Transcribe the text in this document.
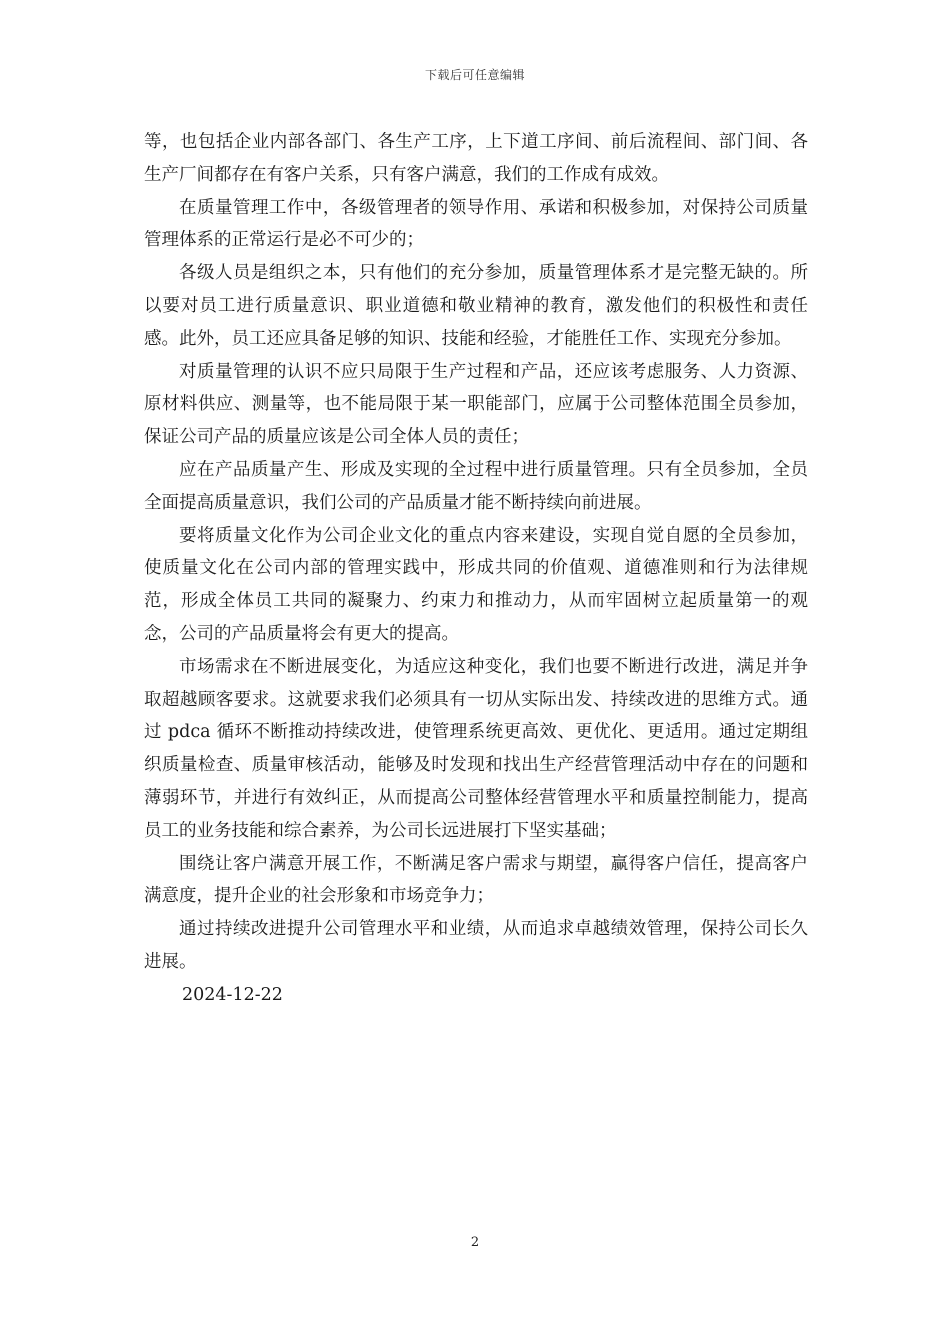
下载后可任意编辑

等，也包括企业内部各部门、各生产工序，上下道工序间、前后流程间、部门间、各生产厂间都存在有客户关系，只有客户满意，我们的工作成有成效。

在质量管理工作中，各级管理者的领导作用、承诺和积极参加，对保持公司质量管理体系的正常运行是必不可少的；

各级人员是组织之本，只有他们的充分参加，质量管理体系才是完整无缺的。所以要对员工进行质量意识、职业道德和敬业精神的教育，激发他们的积极性和责任感。此外，员工还应具备足够的知识、技能和经验，才能胜任工作、实现充分参加。

对质量管理的认识不应只局限于生产过程和产品，还应该考虑服务、人力资源、原材料供应、测量等，也不能局限于某一职能部门，应属于公司整体范围全员参加，保证公司产品的质量应该是公司全体人员的责任；

应在产品质量产生、形成及实现的全过程中进行质量管理。只有全员参加，全员全面提高质量意识，我们公司的产品质量才能不断持续向前进展。

要将质量文化作为公司企业文化的重点内容来建设，实现自觉自愿的全员参加，使质量文化在公司内部的管理实践中，形成共同的价值观、道德准则和行为法律规范，形成全体员工共同的凝聚力、约束力和推动力，从而牢固树立起质量第一的观念，公司的产品质量将会有更大的提高。

市场需求在不断进展变化，为适应这种变化，我们也要不断进行改进，满足并争取超越顾客要求。这就要求我们必须具有一切从实际出发、持续改进的思维方式。通过 pdca 循环不断推动持续改进，使管理系统更高效、更优化、更适用。通过定期组织质量检查、质量审核活动，能够及时发现和找出生产经营管理活动中存在的问题和薄弱环节，并进行有效纠正，从而提高公司整体经营管理水平和质量控制能力，提高员工的业务技能和综合素养，为公司长远进展打下坚实基础；

围绕让客户满意开展工作，不断满足客户需求与期望，赢得客户信任，提高客户满意度，提升企业的社会形象和市场竞争力；

通过持续改进提升公司管理水平和业绩，从而追求卓越绩效管理，保持公司长久进展。

2024-12-22

2
